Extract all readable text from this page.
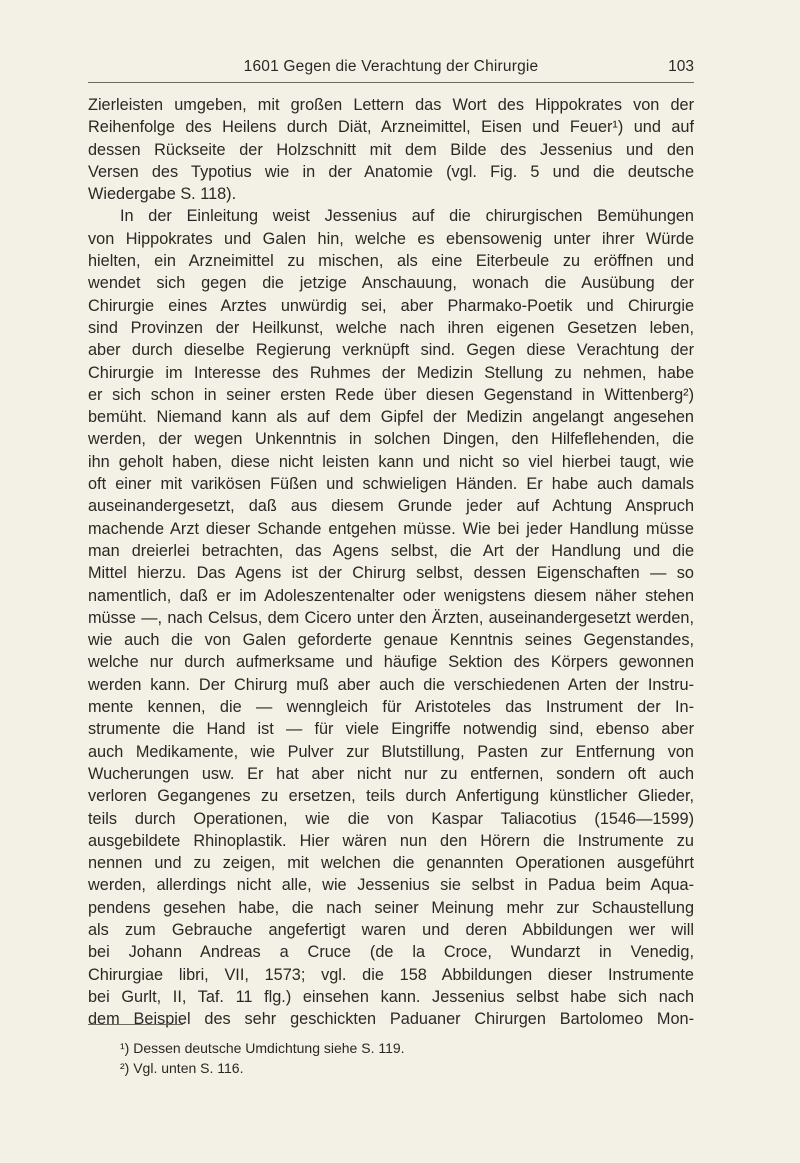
1601 Gegen die Verachtung der Chirurgie	103

Zierleisten umgeben, mit großen Lettern das Wort des Hippokrates von der

Reihenfolge des Heilens durch Diät, Arzneimittel, Eisen und Feuer¹) und auf

dessen Rückseite der Holzschnitt mit dem Bilde des Jessenius und den

Versen des Typotius wie in der Anatomie (vgl. Fig. 5 und die deutsche

Wiedergabe S. 118).

In der Einleitung weist Jessenius auf die chirurgischen Bemühungen

von Hippokrates und Galen hin, welche es ebensowenig unter ihrer Würde

hielten, ein Arzneimittel zu mischen, als eine Eiterbeule zu eröffnen und

wendet sich gegen die jetzige Anschauung, wonach die Ausübung der

Chirurgie eines Arztes unwürdig sei, aber Pharmako-Poetik und Chirurgie

sind Provinzen der Heilkunst, welche nach ihren eigenen Gesetzen leben,

aber durch dieselbe Regierung verknüpft sind. Gegen diese Verachtung der

Chirurgie im Interesse des Ruhmes der Medizin Stellung zu nehmen, habe

er sich schon in seiner ersten Rede über diesen Gegenstand in Wittenberg²)

bemüht. Niemand kann als auf dem Gipfel der Medizin angelangt angesehen

werden, der wegen Unkenntnis in solchen Dingen, den Hilfeflehenden, die

ihn geholt haben, diese nicht leisten kann und nicht so viel hierbei taugt, wie

oft einer mit varikösen Füßen und schwieligen Händen. Er habe auch damals

auseinandergesetzt, daß aus diesem Grunde jeder auf Achtung Anspruch

machende Arzt dieser Schande entgehen müsse. Wie bei jeder Handlung müsse

man dreierlei betrachten, das Agens selbst, die Art der Handlung und die

Mittel hierzu. Das Agens ist der Chirurg selbst, dessen Eigenschaften — so

namentlich, daß er im Adoleszentenalter oder wenigstens diesem näher stehen

müsse —, nach Celsus, dem Cicero unter den Ärzten, auseinandergesetzt werden,

wie auch die von Galen geforderte genaue Kenntnis seines Gegenstandes,

welche nur durch aufmerksame und häufige Sektion des Körpers gewonnen

werden kann. Der Chirurg muß aber auch die verschiedenen Arten der Instru-

mente kennen, die — wenngleich für Aristoteles das Instrument der In-

strumente die Hand ist — für viele Eingriffe notwendig sind, ebenso aber

auch Medikamente, wie Pulver zur Blutstillung, Pasten zur Entfernung von

Wucherungen usw. Er hat aber nicht nur zu entfernen, sondern oft auch

verloren Gegangenes zu ersetzen, teils durch Anfertigung künstlicher Glieder,

teils durch Operationen, wie die von Kaspar Taliacotius (1546—1599)

ausgebildete Rhinoplastik. Hier wären nun den Hörern die Instrumente zu

nennen und zu zeigen, mit welchen die genannten Operationen ausgeführt

werden, allerdings nicht alle, wie Jessenius sie selbst in Padua beim Aqua-

pendens gesehen habe, die nach seiner Meinung mehr zur Schaustellung

als zum Gebrauche angefertigt waren und deren Abbildungen wer will

bei Johann Andreas a Cruce (de la Croce, Wundarzt in Venedig,

Chirurgiae libri, VII, 1573; vgl. die 158 Abbildungen dieser Instrumente

bei Gurlt, II, Taf. 11 flg.) einsehen kann. Jessenius selbst habe sich nach

dem Beispiel des sehr geschickten Paduaner Chirurgen Bartolomeo Mon-

¹) Dessen deutsche Umdichtung siehe S. 119.

²) Vgl. unten S. 116.
